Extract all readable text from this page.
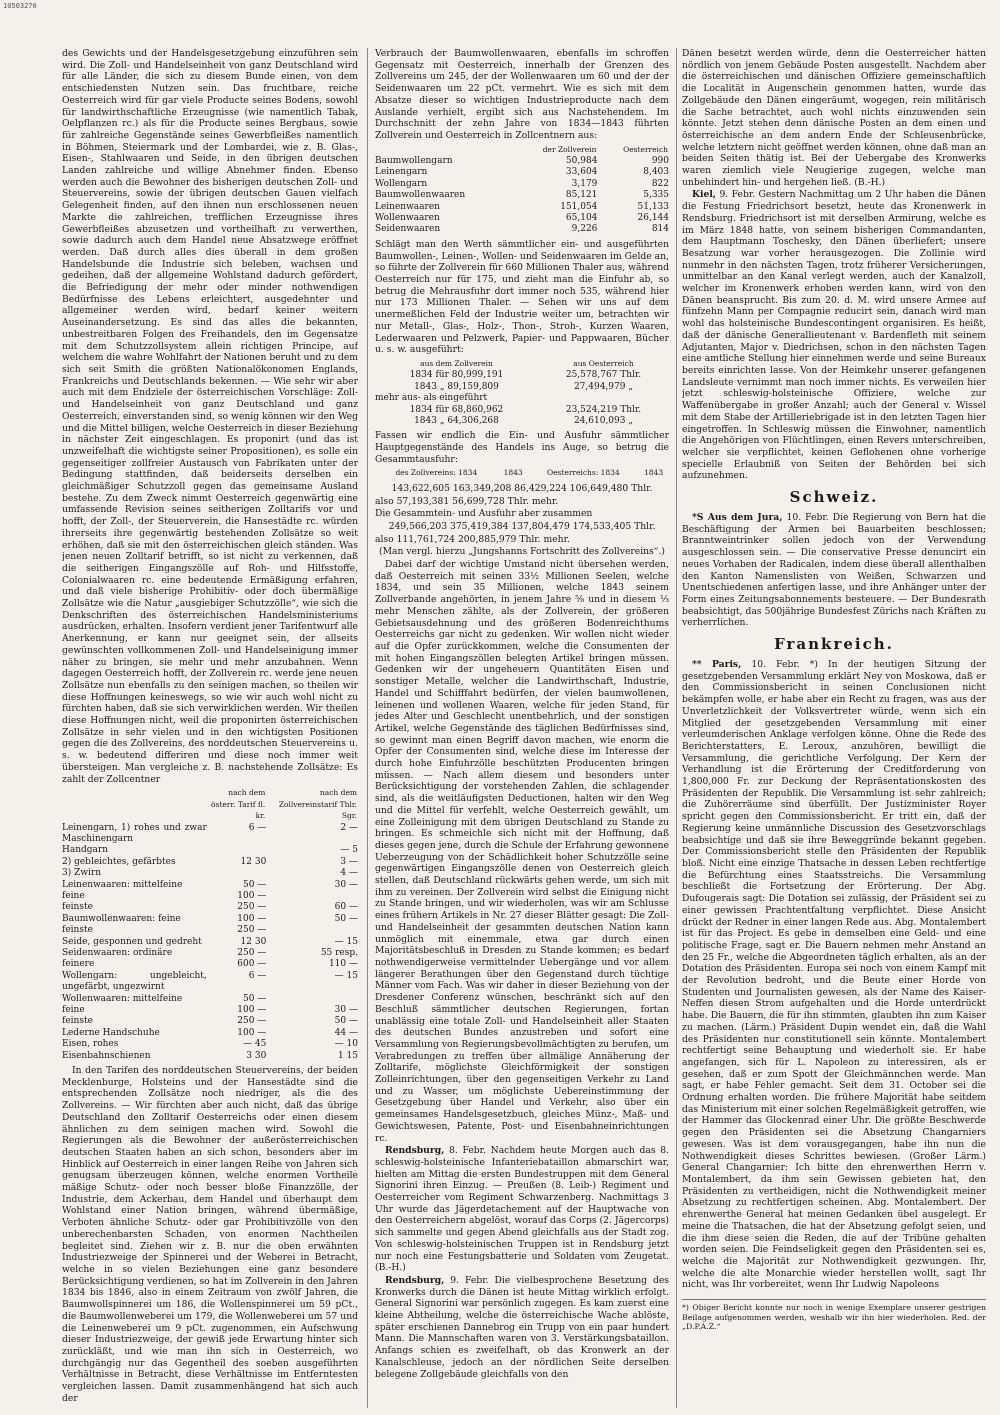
10503270

des Gewichts und der Handelsgesetzgebung einzuführen sein wird. Die Zoll- und Handelseinheit von ganz Deutschland wird für alle Länder, die sich zu diesem Bunde einen, von dem entschiedensten Nutzen sein. Das fruchtbare, reiche Oesterreich wird für gar viele Producte seines Bodens, sowohl für landwirthschaftliche Erzeugnisse (wie namentlich Tabak, Oelpflanzen rc.) als für die Producte seines Bergbaus, sowie für zahlreiche Gegenstände seines Gewerbfleißes namentlich in Böhmen, Steiermark und der Lombardei, wie z. B. Glas-, Eisen-, Stahlwaaren und Seide, in den übrigen deutschen Landen zahlreiche und willige Abnehmer finden. Ebenso werden auch die Bewohner des bisherigen deutschen Zoll- und Steuervereins, sowie der übrigen deutschen Gauen vielfach Gelegenheit finden, auf den ihnen nun erschlossenen neuen Markte die zahlreichen, trefflichen Erzeugnisse ihres Gewerbfleißes abzusetzen und vortheilhaft zu verwerthen, sowie dadurch auch dem Handel neue Absatzwege eröffnet werden. Daß durch alles dies überall in dem großen Handelsbunde die Industrie sich beleben, wachsen und gedeihen, daß der allgemeine Wohlstand dadurch gefördert, die Befriedigung der mehr oder minder nothwendigen Bedürfnisse des Lebens erleichtert, ausgedehnter und allgemeiner werden wird, bedarf keiner weitern Auseinandersetzung. Es sind das alles die bekannten, unbestreitbaren Folgen des Freihandels, den im Gegensatze mit dem Schutzzollsystem allein richtigen Principe, auf welchem die wahre Wohlfahrt der Nationen beruht und zu dem sich seit Smith die größten Nationalökonomen Englands, Frankreichs und Deutschlands bekennen. — Wie sehr wir aber auch mit dem Endziele der österreichischen Vorschläge: Zoll- und Handelseinheit von ganz Deutschland und ganz Oesterreich, einverstanden sind, so wenig können wir den Weg und die Mittel billigen, welche Oesterreich in dieser Beziehung in nächster Zeit eingeschlagen. Es proponirt (und das ist unzweifelhaft die wichtigste seiner Propositionen), es solle ein gegenseitiger zollfreier Austausch von Fabrikaten unter der Bedingung stattfinden, daß beiderseits derselben ein gleichmäßiger Schutzzoll gegen das gemeinsame Ausland bestehe. Zu dem Zweck nimmt Oesterreich gegenwärtig eine umfassende Revision seines seitherigen Zolltarifs vor und hofft, der Zoll-, der Steuerverein, die Hansestädte rc. würden ihrerseits ihre gegenwärtig bestehenden Zollsätze so weit erhöhen, daß sie mit den österreichischen gleich ständen. Was jenen neuen Zolltarif betrifft, so ist nicht zu verkennen, daß die seitherigen Eingangszölle auf Roh- und Hilfsstoffe, Colonialwaaren rc. eine bedeutende Ermäßigung erfahren, und daß viele bisherige Prohibitiv- oder doch übermäßige Zollsätze wie die Natur „ausgiebiger Schutzzölle“, wie sich die Denkschriften des österreichischen Handelsministeriums ausdrücken, erhalten. Insofern verdient jener Tarifentwurf alle Anerkennung, er kann nur geeignet sein, der allseits gewünschten vollkommenen Zoll- und Handelseinigung immer näher zu bringen, sie mehr und mehr anzubahnen. Wenn dagegen Oesterreich hofft, der Zollverein rc. werde jene neuen Zollsätze nun ebenfalls zu den seinigen machen, so theilen wir diese Hoffnungen keineswegs, so wie wir auch wohl nicht zu fürchten haben, daß sie sich verwirklichen werden. Wir theilen diese Hoffnungen nicht, weil die proponirten österreichischen Zollsätze in sehr vielen und in den wichtigsten Positionen gegen die des Zollvereins, des norddeutschen Steuervereins u. s. w. bedeutend differiren und diese noch immer weit übersteigen. Man vergleiche z. B. nachstehende Zollsätze: Es zahlt der Zollcentner

	nach dem österr. Tarif fl. kr.	nach dem Zollvereinstarif Thlr. Sgr.
Leinengarn, 1) rohes und zwar Maschinengarn	6 —	2 —
Handgarn		— 5
2) gebleichtes, gefärbtes	12 30	3 —
3) Zwirn		4 —
Leinenwaaren: mittelfeine	50 —	30 —
feine	100 —	
feinste	250 —	60 —
Baumwollenwaaren: feine	100 —	50 —
feinste	250 —	
Seide, gesponnen und gedreht	12 30	— 15
Seidenwaaren: ordinäre	250 —	55 resp.
feinere	600 —	110 —
Wollengarn: ungebleicht, ungefärbt, ungezwirnt	6 —	— 15
Wollenwaaren: mittelfeine	50 —	
feine	100 —	30 —
feinste	250 —	50 —
Lederne Handschuhe	100 —	44 —
Eisen, rohes	— 45	— 10
Eisenbahnschienen	3 30	1 15

In den Tarifen des norddeutschen Steuervereins, der beiden Mecklenburge, Holsteins und der Hansestädte sind die entsprechenden Zollsätze noch niedriger, als die des Zollvereins. — Wir fürchten aber auch nicht, daß das übrige Deutschland den Zolltarif Oesterreichs oder einen diesem ähnlichen zu dem seinigen machen wird. Sowohl die Regierungen als die Bewohner der außerösterreichischen deutschen Staaten haben an sich schon, besonders aber im Hinblick auf Oesterreich in einer langen Reihe von Jahren sich genugsam überzeugen können, welche enormen Vortheile mäßige Schutz- oder noch besser bloße Finanzzölle, der Industrie, dem Ackerbau, dem Handel und überhaupt dem Wohlstand einer Nation bringen, während übermäßige, Verboten ähnliche Schutz- oder gar Prohibitivzölle von den unberechenbarsten Schaden, von enormen Nachtheilen begleitet sind. Ziehen wir z. B. nur die oben erwähnten Industriezweige der Spinnerei und der Weberei in Betracht, welche in so vielen Beziehungen eine ganz besondere Berücksichtigung verdienen, so hat im Zollverein in den Jahren 1834 bis 1846, also in einem Zeitraum von zwölf Jahren, die Baumwollspinnerei um 186, die Wollenspinnerei um 59 pCt., die Baumwollenweberei um 179, die Wollenweberei um 57 und die Leinenweberei um 9 pCt. zugenommen, ein Aufschwung dieser Industriezweige, der gewiß jede Erwartung hinter sich zurückläßt, und wie man ihn sich in Oesterreich, wo durchgängig nur das Gegentheil des soeben ausgeführten Verhältnisse in Betracht, diese Verhältnisse im Entferntesten vergleichen lassen. Damit zusammenhängend hat sich auch der

Verbrauch der Baumwollenwaaren, ebenfalls im schroffen Gegensatz mit Oesterreich, innerhalb der Grenzen des Zollvereins um 245, der der Wollenwaaren um 60 und der der Seidenwaaren um 22 pCt. vermehrt. Wie es sich mit dem Absatze dieser so wichtigen Industrieproducte nach dem Auslande verhielt, ergibt sich aus Nachstehendem. Im Durchschnitt der zehn Jahre von 1834—1843 führten Zollverein und Oesterreich in Zollcentnern aus:

	der Zollverein	Oesterreich
Baumwollengarn	50,984	990
Leinengarn	33,604	8,403
Wollengarn	3,179	822
Baumwollenwaaren	85,121	5,335
Leinenwaaren	151,054	51,133
Wollenwaaren	65,104	26,144
Seidenwaaren	9,226	814

Schlägt man den Werth sämmtlicher ein- und ausgeführten Baumwollen-, Leinen-, Wollen- und Seidenwaaren im Geldе an, so führte der Zollverein für 660 Millionen Thaler aus, während Oesterreich nur für 175, und zieht man die Einfuhr ab, so betrug die Mehrausfuhr dort immer noch 535, während hier nur 173 Millionen Thaler. — Sehen wir uns auf dem unermeßlichen Feld der Industrie weiter um, betrachten wir nur Metall-, Glas-, Holz-, Thon-, Stroh-, Kurzen Waaren, Lederwaaren und Pelzwerk, Papier- und Pappwaaren, Bücher u. s. w. ausgeführt:

aus dem Zollverein	aus Oesterreich
1834 für 80,999,191	25,578,767 Thlr.
1843 „ 89,159,809	27,494,979 „
mehr aus- als eingeführt	
1834 für 68,860,962	23,524,219 Thlr.
1843 „ 64,306,268	24,610,093 „

Fassen wir endlich die Ein- und Ausfuhr sämmtlicher Hauptgegenstände des Handels ins Auge, so betrug die Gesammtausfuhr:

des Zollvereins: 1834	1843	Oesterreichs: 1834	1843

143,622,605 163,349,208 86,429,224 106,649,480 Thlr.

also 57,193,381 56,699,728 Thlr. mehr.

Die Gesammtein- und Ausfuhr aber zusammen

249,566,203 375,419,384 137,804,479 174,533,405 Thlr.

also 111,761,724 200,885,979 Thlr. mehr.

(Man vergl. hierzu „Jungshanns Fortschritt des Zollvereins“.)

Dabei darf der wichtige Umstand nicht übersehen werden, daß Oesterreich mit seinen 33½ Millionen Seelen, welche 1834, und sein 35 Millionen, welche 1843 seinem Zollverbande angehörten, in jenem Jahre ⅝ und in diesem ⅓ mehr Menschen zählte, als der Zollverein, der größeren Gebietsausdehnung und des größeren Bodenreichthums Oesterreichs gar nicht zu gedenken. Wir wollen nicht wieder auf die Opfer zurückkommen, welche die Consumenten der mit hohen Eingangszöllen belegten Artikel bringen müssen. Gedenken wir der ungeheuern Quantitäten Eisen und sonstiger Metalle, welcher die Landwirthschaft, Industrie, Handel und Schifffahrt bedürfen, der vielen baumwollenen, leinenen und wollenen Waaren, welche für jeden Stand, für jedes Alter und Geschlecht unentbehrlich, und der sonstigen Artikel, welche Gegenstände des täglichen Bedürfnisses sind, so gewinnt man einen Begriff davon machen, wie enorm die Opfer der Consumenten sind, welche diese im Interesse der durch hohe Einfuhrzölle beschützten Producenten bringen müssen. — Nach allem diesem und besonders unter Berücksichtigung der vorstehenden Zahlen, die schlagender sind, als die weitläufigsten Deductionen, halten wir den Weg und die Mittel für verfehlt, welche Oesterreich gewählt, um eine Zolleinigung mit dem übrigen Deutschland zu Stande zu bringen. Es schmeichle sich nicht mit der Hoffnung, daß dieses gegen jene, durch die Schule der Erfahrung gewonnene Ueberzeugung von der Schädlichkeit hoher Schutzzölle seine gegenwärtigen Eingangszölle denen von Oesterreich gleich stellen, daß Deutschland rückwärts gehen werde, um sich mit ihm zu vereinen. Der Zollverein wird selbst die Einigung nicht zu Stande bringen, und wir wiederholen, was wir am Schlusse eines frühern Artikels in Nr. 27 dieser Blätter gesagt: Die Zoll- und Handelseinheit der gesammten deutschen Nation kann unmöglich mit einemmale, etwa gar durch einen Majoritätsbeschluß in Dresden zu Stande kommen; es bedarf nothwendigerweise vermittelnder Uebergänge und vor allem längerer Berathungen über den Gegenstand durch tüchtige Männer vom Fach. Was wir daher in dieser Beziehung von der Dresdener Conferenz wünschen, beschränkt sich auf den Beschluß sämmtlicher deutschen Regierungen, fortan unablässig eine totale Zoll- und Handelseinheit aller Staaten des deutschen Bundes anzustreben und sofort eine Versammlung von Regierungsbevollmächtigten zu berufen, um Verabredungen zu treffen über allmälige Annäherung der Zolltarife, möglichste Gleichförmigkeit der sonstigen Zolleinrichtungen, über den gegenseitigen Verkehr zu Land und zu Wasser, um möglichste Uebereinstimmung der Gesetzgebung über Handel und Verkehr, also über ein gemeinsames Handelsgesetzbuch, gleiches Münz-, Maß- und Gewichtswesen, Patente, Post- und Eisenbahneinrichtungen rc.

Rendsburg, 8. Febr. Nachdem heute Morgen auch das 8. schleswig-holsteinische Infanteriebataillon abmarschirt war, hielten am Mittag die ersten Bundestruppen mit dem General Signorini ihren Einzug. — Preußen (8. Leib-) Regiment und Oesterreicher vom Regiment Schwarzenberg. Nachmittags 3 Uhr wurde das Jägerdetachement auf der Hauptwache von den Oesterreichern abgelöst, worauf das Corps (2. Jägercorps) sich sammelte und gegen Abend gleichfalls aus der Stadt zog. Von schleswig-holsteinischen Truppen ist in Rendsburg jetzt nur noch eine Festungsbatterie und Soldaten vom Zeugetat. (B.-H.)

Rendsburg, 9. Febr. Die vielbesprochene Besetzung des Kronwerks durch die Dänen ist heute Mittag wirklich erfolgt. General Signorini war persönlich zugegen. Es kam zuerst eine kleine Abtheilung, welche die österreichische Wache ablöste, später erschienen Dannebrog ein Trupp von ein paar hundert Mann. Die Mannschaften waren von 3. Verstärkungsbataillon. Anfangs schien es zweifelhaft, ob das Kronwerk an der Kanalschleuse, jedoch an der nördlichen Seite derselben belegene Zollgebäude gleichfalls von den

Dänen besetzt werden würde, denn die Oesterreicher hatten nördlich von jenem Gebäude Posten ausgestellt. Nachdem aber die österreichischen und dänischen Offiziere gemeinschaftlich die Localität in Augenschein genommen hatten, wurde das Zollgebäude den Dänen eingeräumt, wogegen, rein militärisch die Sache betrachtet, auch wohl nichts einzuwenden sein könnte. Jetzt stehen denn dänische Posten an dem einen und österreichische an dem andern Ende der Schleusenbrücke, welche letztern nicht geöffnet werden können, ohne daß man an beiden Seiten thätig ist. Bei der Uebergabe des Kronwerks waren ziemlich viele Neugierige zugegen, welche man unbehindert hin- und hergehen ließ. (B.-H.)

Kiel, 9. Febr. Gestern Nachmittag um 2 Uhr haben die Dänen die Festung Friedrichsort besetzt, heute das Kronenwerk in Rendsburg. Friedrichsort ist mit derselben Armirung, welche es im März 1848 hatte, von seinem bisherigen Commandanten, dem Hauptmann Toschesky, den Dänen überliefert; unsere Besatzung war vorher herausgezogen. Die Zollinie wird nunmehr in den nächsten Tagen, trotz früherer Versicherungen, unmittelbar an den Kanal verlegt werden, auch der Kanalzoll, welcher im Kronenwerk erhoben werden kann, wird von den Dänen beansprucht. Bis zum 20. d. M. wird unsere Armee auf fünfzehn Mann per Compagnie reducirt sein, danach wird man wohl das holsteinische Bundescontingent organisiren. Es heißt, daß der dänische Generallieutenant v. Bardenfleth mit seinem Adjutanten, Major v. Diedrichsen, schon in den nächsten Tagen eine amtliche Stellung hier einnehmen werde und seine Bureaux bereits einrichten lasse. Von der Heimkehr unserer gefangenen Landsleute vernimmt man noch immer nichts. Es verweilen hier jetzt schleswig-holsteinische Offiziere, welche zur Waffenübergabe in großer Anzahl; auch der General v. Wissel mit dem Stabe der Artilleriebrigade ist in den letzten Tagen hier eingetroffen. In Schleswig müssen die Einwohner, namentlich die Angehörigen von Flüchtlingen, einen Revers unterschreiben, welcher sie verpflichtet, keinen Geflohenen ohne vorherige specielle Erlaubniß von Seiten der Behörden bei sich aufzunehmen.

Schweiz.

*S Aus dem Jura, 10. Febr. Die Regierung von Bern hat die Beschäftigung der Armen bei Bauarbeiten beschlossen; Branntweintrinker sollen jedoch von der Verwendung ausgeschlossen sein. — Die conservative Presse denuncirt ein neues Vorhaben der Radicalen, indem diese überall allenthalben den Kanton Namenslisten von Weißen, Schwarzen und Unentschiedenen anfertigen lasse, und ihre Anhänger unter der Form eines Zeitungsabonnements besteuere. — Der Bundesrath beabsichtigt, das 500jährige Bundesfest Zürichs nach Kräften zu verherrlichen.

Frankreich.

** Paris, 10. Febr. *) In der heutigen Sitzung der gesetzgebenden Versammlung erklärt Ney von Moskowa, daß er den Commissionsbericht in seinen Conclusionen nicht bekämpfen wolle, er habe aber ein Recht zu fragen, was aus der Unverletzlichkeit der Volksvertreter würde, wenn sich ein Mitglied der gesetzgebenden Versammlung mit einer verleumderischen Anklage verfolgen könne. Ohne die Rede des Berichterstatters, E. Leroux, anzuhören, bewilligt die Versammlung, die gerichtliche Verfolgung. Der Kern der Verhandlung ist die Erörterung der Creditforderung von 1,800,000 Fr. zur Deckung der Repräsentationskosten des Präsidenten der Republik. Die Versammlung ist sehr zahlreich; die Zuhörerräume sind überfüllt. Der Justizminister Royer spricht gegen den Commissionsbericht. Er tritt ein, daß der Regierung keine unmännliche Discussion des Gesetzvorschlags beabsichtige und daß sie ihre Beweggründe bekannt gegeben. Der Commissionsbericht stelle den Präsidenten der Republik bloß. Nicht eine einzige Thatsache in dessen Leben rechtfertige die Befürchtung eines Staatsstreichs. Die Versammlung beschließt die Fortsetzung der Erörterung. Der Abg. Dufougerais sagt: Die Dotation sei zulässig, der Präsident sei zu einer gewissen Prachtentfaltung verpflichtet. Diese Ansicht drückt der Redner in einer langen Rede aus. Abg. Montalembert ist für das Project. Es gebe in demselben eine Geld- und eine politische Frage, sagt er. Die Bauern nehmen mehr Anstand an den 25 Fr., welche die Abgeordneten täglich erhalten, als an der Dotation des Präsidenten. Europa sei noch von einem Kampf mit der Revolution bedroht, und die Beute einer Horde von Studenten und Journalisten gewesen, als der Name des Kaiser-Neffen diesen Strom aufgehalten und die Horde unterdrückt habe. Die Bauern, die für ihn stimmten, glaubten ihn zum Kaiser zu machen. (Lärm.) Präsident Dupin wendet ein, daß die Wahl des Präsidenten nur constitutionell sein könnte. Montalembert rechtfertigt seine Behauptung und wiederholt sie. Er habe angefangen, sich für L. Napoleon zu interessiren, als er gesehen, daß er zum Spott der Gleichmännchen werde. Man sagt, er habe Fehler gemacht. Seit dem 31. October sei die Ordnung erhalten worden. Die frühere Majorität habe seitdem das Ministerium mit einer solchen Regelmäßigkeit getroffen, wie der Hammer das Glockenrad einer Uhr. Die größte Beschwerde gegen den Präsidenten sei die Absetzung Changarniers gewesen. Was ist dem vorausgegangen, habe ihn nun die Nothwendigkeit dieses Schrittes bewiesen. (Großer Lärm.) General Changarnier: Ich bitte den ehrenwerthen Herrn v. Montalembert, da ihm sein Gewissen gebieten hat, den Präsidenten zu vertheidigen, nicht die Nothwendigkeit meiner Absetzung zu rechtfertigen scheinen. Abg. Montalembert. Der ehrenwerthe General hat meinen Gedanken übel ausgelegt. Er meine die Thatsachen, die hat der Absetzung gefolgt seien, und die ihm diese seien die Reden, die auf der Tribüne gehalten worden seien. Die Feindseligkeit gegen den Präsidenten sei es, welche die Majorität zur Nothwendigkeit gezwungen. Ihr, welche die alte Monarchie wieder herstellen wollt, sagt Ihr nicht, was Ihr vorbereitet, wenn Ihr Ludwig Napoleons

*) Obiger Bericht konnte nur noch in wenige Exemplare unserer gestrigen Beilage aufgenommen werden, weshalb wir ihn hier wiederholen. Red. der „D.P.A.Z.“
